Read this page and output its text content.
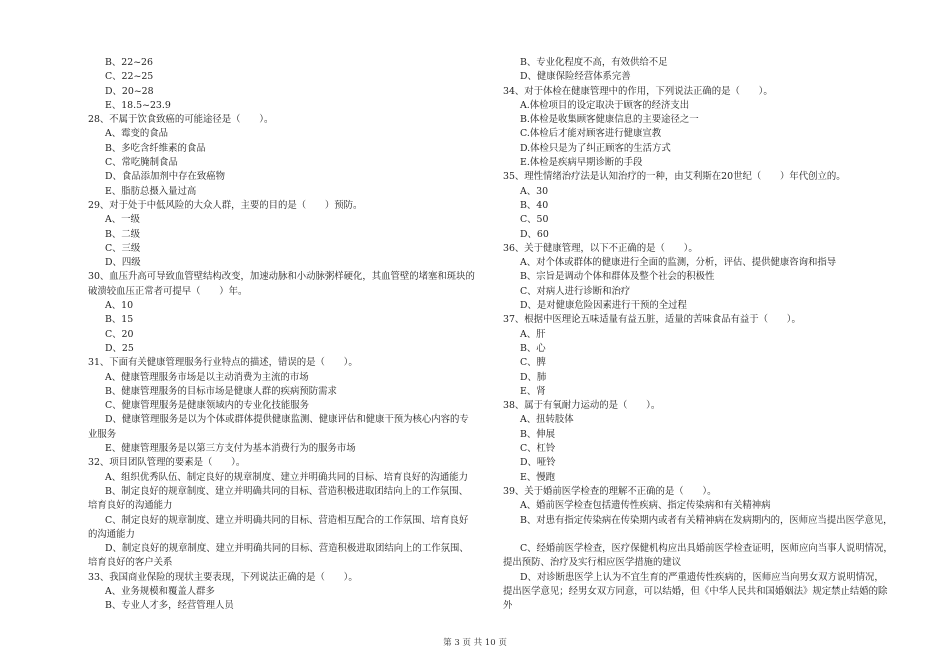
B、22~26
C、22~25
D、20~28
E、18.5~23.9
28、不属于饮食致癌的可能途径是（　　）。
A、霉变的食品
B、多吃含纤维素的食品
C、常吃腌制食品
D、食品添加剂中存在致癌物
E、脂肪总摄入量过高
29、对于处于中低风险的大众人群，主要的目的是（　　）预防。
A、一级
B、二级
C、三级
D、四级
30、血压升高可导致血管壁结构改变，加速动脉和小动脉粥样硬化，其血管壁的堵塞和斑块的
破溃较血压正常者可提早（　　）年。
A、10
B、15
C、20
D、25
31、下面有关健康管理服务行业特点的描述，错误的是（　　）。
A、健康管理服务市场是以主动消费为主流的市场
B、健康管理服务的目标市场是健康人群的疾病预防需求
C、健康管理服务是健康领域内的专业化技能服务
D、健康管理服务是以为个体或群体提供健康监测、健康评估和健康干预为核心内容的专
业服务
E、健康管理服务是以第三方支付为基本消费行为的服务市场
32、项目团队管理的要素是（　　）。
A、组织优秀队伍、制定良好的规章制度、建立并明确共同的目标、培育良好的沟通能力
B、制定良好的规章制度、建立并明确共同的目标、营造积极进取团结向上的工作氛围、
培育良好的沟通能力
C、制定良好的规章制度、建立并明确共同的目标、营造相互配合的工作氛围、培育良好
的沟通能力
D、制定良好的规章制度、建立并明确共同的目标、营造积极进取团结向上的工作氛围、
培育良好的客户关系
33、我国商业保险的现状主要表现，下列说法正确的是（　　）。
A、业务规模和覆盖人群多
B、专业人才多，经营管理人员
B、专业化程度不高，有效供给不足
D、健康保险经营体系完善
34、对于体检在健康管理中的作用，下列说法正确的是（　　）。
A.体检项目的设定取决于顾客的经济支出
B.体检是收集顾客健康信息的主要途径之一
C.体检后才能对顾客进行健康宣教
D.体检只是为了纠正顾客的生活方式
E.体检是疾病早期诊断的手段
35、理性情绪治疗法是认知治疗的一种，由艾利斯在20世纪（　　）年代创立的。
A、30
B、40
C、50
D、60
36、关于健康管理，以下不正确的是（　　）。
A、对个体或群体的健康进行全面的监测，分析，评估、提供健康咨询和指导
B、宗旨是调动个体和群体及整个社会的积极性
C、对病人进行诊断和治疗
D、是对健康危险因素进行干预的全过程
37、根据中医理论五味适量有益五脏，适量的苦味食品有益于（　　）。
A、肝
B、心
C、脾
D、肺
E、肾
38、属于有氧耐力运动的是（　　）。
A、扭转肢体
B、伸展
C、杠铃
D、哑铃
E、慢跑
39、关于婚前医学检查的理解不正确的是（　　）。
A、婚前医学检查包括遗传性疾病、指定传染病和有关精神病
B、对患有指定传染病在传染期内或者有关精神病在发病期内的，医师应当提出医学意见，
C、经婚前医学检查，医疗保健机构应出具婚前医学检查证明，医师应向当事人说明情况，
提出预防、治疗及实行相应医学措施的建议
D、对诊断患医学上认为不宜生育的严重遗传性疾病的，医师应当向男女双方说明情况，
提出医学意见；经男女双方同意，可以结婚，但《中华人民共和国婚姻法》规定禁止结婚的除
外
第 3 页 共 10 页
